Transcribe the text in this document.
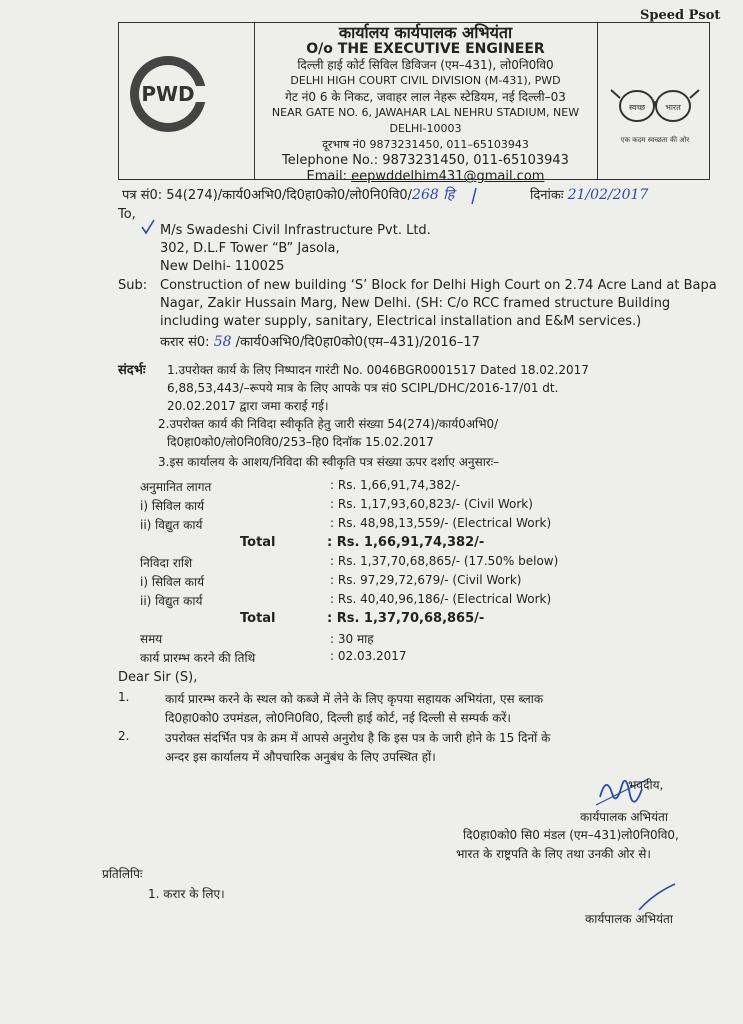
Speed Psot
PWD
कार्यालय कार्यपालक अभियंता
O/o THE EXECUTIVE ENGINEER
दिल्ली हाई कोर्ट सिविल डिविजन (एम–431), लो0नि0वि0
DELHI HIGH COURT CIVIL DIVISION (M-431), PWD
गेट नं0 6 के निकट, जवाहर लाल नेहरू स्टेडियम, नई दिल्ली–03
NEAR GATE NO. 6, JAWAHAR LAL NEHRU STADIUM, NEW DELHI-10003
दूरभाष नं0 9873231450, 011–65103943
Telephone No.: 9873231450, 011-65103943
Email: eepwddelhim431@gmail.com
स्वच्छ	भारत
एक कदम स्वच्छता की ओर
पत्र सं0: 54(274)/कार्य0अभि0/दि0हा0को0/लो0नि0वि0/268 हि	दिनांकः 21/02/2017
To,
M/s Swadeshi Civil Infrastructure Pvt. Ltd.
302, D.L.F Tower “B” Jasola,
New Delhi- 110025
Sub: Construction of new building ‘S’ Block for Delhi High Court on 2.74 Acre Land at Bapa
Nagar, Zakir Hussain Marg, New Delhi. (SH: C/o RCC framed structure Building
including water supply, sanitary, Electrical installation and E&M services.)
करार सं0: 58 /कार्य0अभि0/दि0हा0को0(एम–431)/2016–17
संदर्भः 1.उपरोक्त कार्य के लिए निष्पादन गारंटी No. 0046BGR0001517 Dated 18.02.2017
6,88,53,443/–रूपये मात्र के लिए आपके पत्र सं0 SCIPL/DHC/2016-17/01 dt.
20.02.2017 द्वारा जमा कराई गई।
2.उपरोक्त कार्य की निविदा स्वीकृति हेतु जारी संख्या 54(274)/कार्य0अभि0/
दि0हा0को0/लो0नि0वि0/253–हि0 दिनॉक 15.02.2017
3.इस कार्यालय के आशय/निविदा की स्वीकृति पत्र संख्या ऊपर दर्शाए अनुसारः–
अनुमानित लागत	: Rs. 1,66,91,74,382/-
i) सिविल कार्य	: Rs. 1,17,93,60,823/- (Civil Work)
ii) विद्युत कार्य	: Rs. 48,98,13,559/- (Electrical Work)
Total	: Rs. 1,66,91,74,382/-
निविदा राशि	: Rs. 1,37,70,68,865/- (17.50% below)
i) सिविल कार्य	: Rs. 97,29,72,679/- (Civil Work)
ii) विद्युत कार्य	: Rs. 40,40,96,186/- (Electrical Work)
Total	: Rs. 1,37,70,68,865/-
समय	: 30 माह
कार्य प्रारम्भ करने की तिथि	: 02.03.2017
Dear Sir (S),
1.	कार्य प्रारम्भ करने के स्थल को कब्जे में लेने के लिए कृपया सहायक अभियंता, एस ब्लाक
दि0हा0को0 उपमंडल, लो0नि0वि0, दिल्ली हाई कोर्ट, नई दिल्ली से सम्पर्क करें।
2.	उपरोक्त संदर्भित पत्र के क्रम में आपसे अनुरोध है कि इस पत्र के जारी होने के 15 दिनों के
अन्दर इस कार्यालय में औपचारिक अनुबंध के लिए उपस्थित हों।
भवदीय,
कार्यपालक अभियंता
दि0हा0को0 सि0 मंडल (एम–431)लो0नि0वि0,
भारत के राष्ट्रपति के लिए तथा उनकी ओर से।
प्रतिलिपिः
1. करार के लिए।
कार्यपालक अभियंता
